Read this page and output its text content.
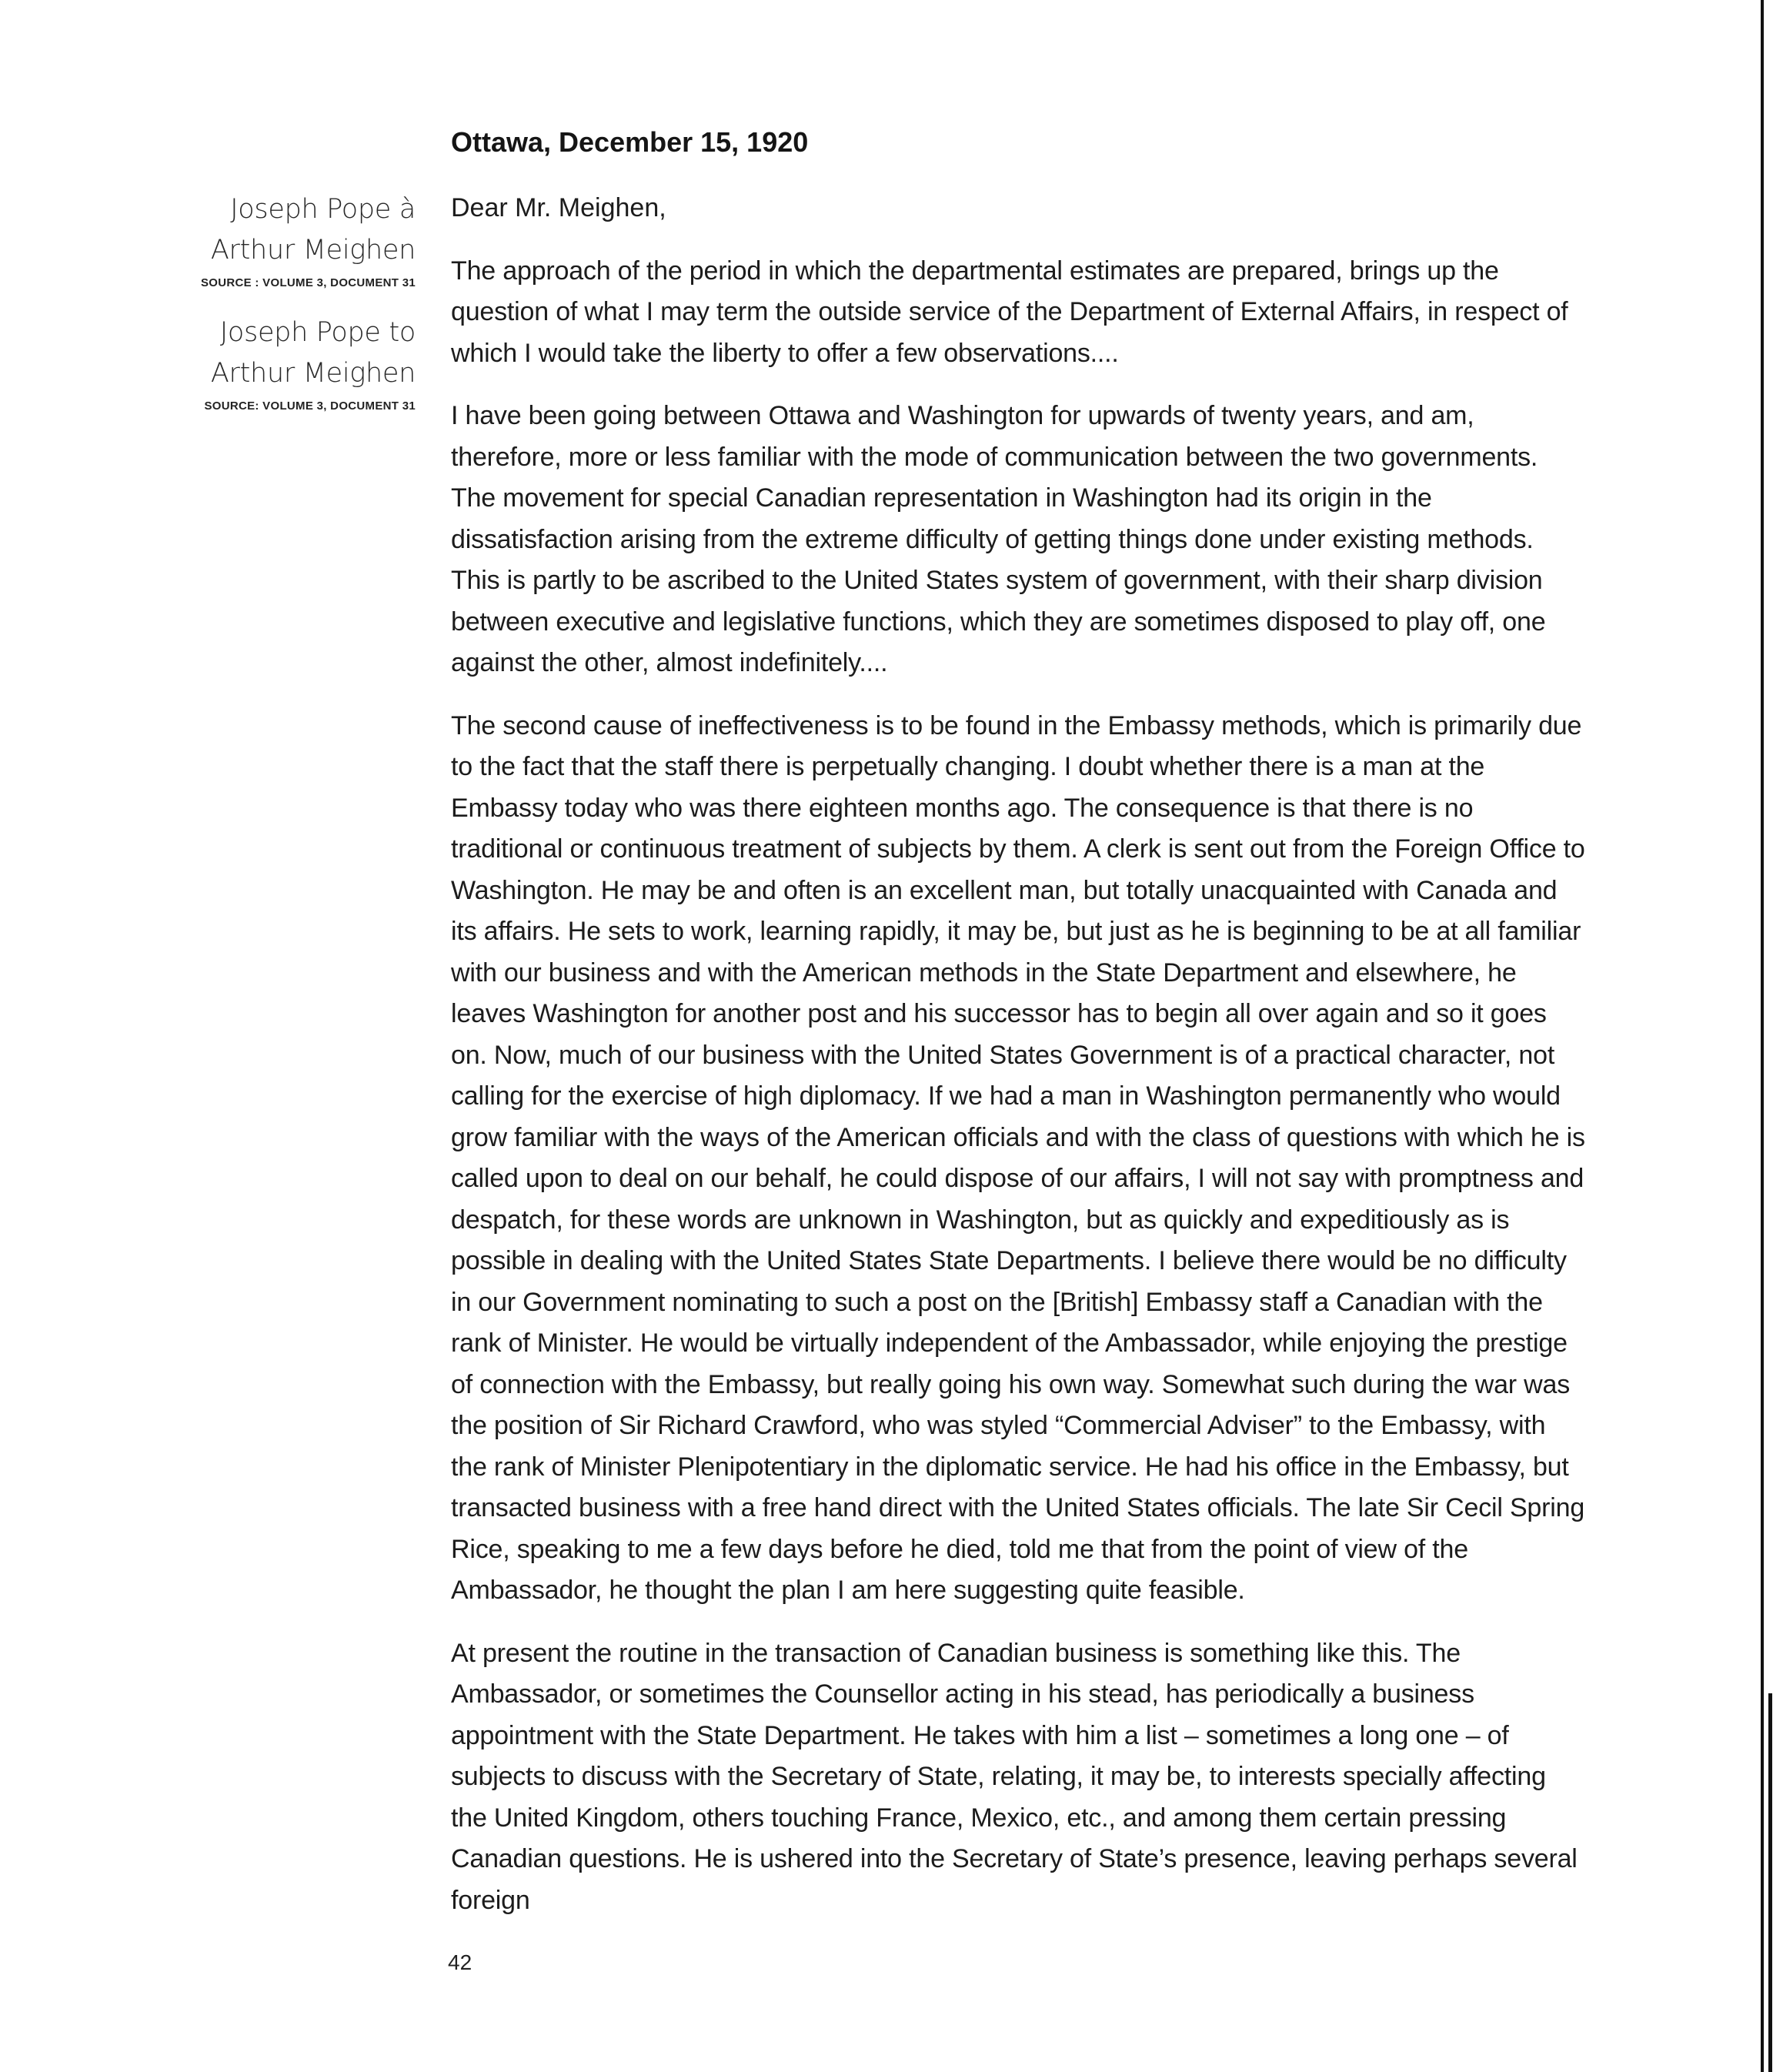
Joseph Pope à
Arthur Meighen
SOURCE : VOLUME 3, DOCUMENT 31
Joseph Pope to
Arthur Meighen
SOURCE: VOLUME 3, DOCUMENT 31
Ottawa, December 15, 1920

Dear Mr. Meighen,

The approach of the period in which the departmental estimates are prepared, brings up the question of what I may term the outside service of the Department of External Affairs, in respect of which I would take the liberty to offer a few observations....

I have been going between Ottawa and Washington for upwards of twenty years, and am, therefore, more or less familiar with the mode of communication between the two governments. The movement for special Canadian representation in Washington had its origin in the dissatisfaction arising from the extreme difficulty of getting things done under existing methods. This is partly to be ascribed to the United States system of government, with their sharp division between executive and legislative functions, which they are sometimes disposed to play off, one against the other, almost indefinitely....

The second cause of ineffectiveness is to be found in the Embassy methods, which is primarily due to the fact that the staff there is perpetually changing. I doubt whether there is a man at the Embassy today who was there eighteen months ago. The consequence is that there is no traditional or continuous treatment of subjects by them. A clerk is sent out from the Foreign Office to Washington. He may be and often is an excellent man, but totally unacquainted with Canada and its affairs. He sets to work, learning rapidly, it may be, but just as he is beginning to be at all familiar with our business and with the American methods in the State Department and elsewhere, he leaves Washington for another post and his successor has to begin all over again and so it goes on. Now, much of our business with the United States Government is of a practical character, not calling for the exercise of high diplomacy. If we had a man in Washington permanently who would grow familiar with the ways of the American officials and with the class of questions with which he is called upon to deal on our behalf, he could dispose of our affairs, I will not say with promptness and despatch, for these words are unknown in Washington, but as quickly and expeditiously as is possible in dealing with the United States State Departments. I believe there would be no difficulty in our Government nominating to such a post on the [British] Embassy staff a Canadian with the rank of Minister. He would be virtually independent of the Ambassador, while enjoying the prestige of connection with the Embassy, but really going his own way. Somewhat such during the war was the position of Sir Richard Crawford, who was styled “Commercial Adviser” to the Embassy, with the rank of Minister Plenipotentiary in the diplomatic service. He had his office in the Embassy, but transacted business with a free hand direct with the United States officials. The late Sir Cecil Spring Rice, speaking to me a few days before he died, told me that from the point of view of the Ambassador, he thought the plan I am here suggesting quite feasible.

At present the routine in the transaction of Canadian business is something like this. The Ambassador, or sometimes the Counsellor acting in his stead, has periodically a business appointment with the State Department. He takes with him a list – sometimes a long one – of subjects to discuss with the Secretary of State, relating, it may be, to interests specially affecting the United Kingdom, others touching France, Mexico, etc., and among them certain pressing Canadian questions. He is ushered into the Secretary of State’s presence, leaving perhaps several foreign

42
